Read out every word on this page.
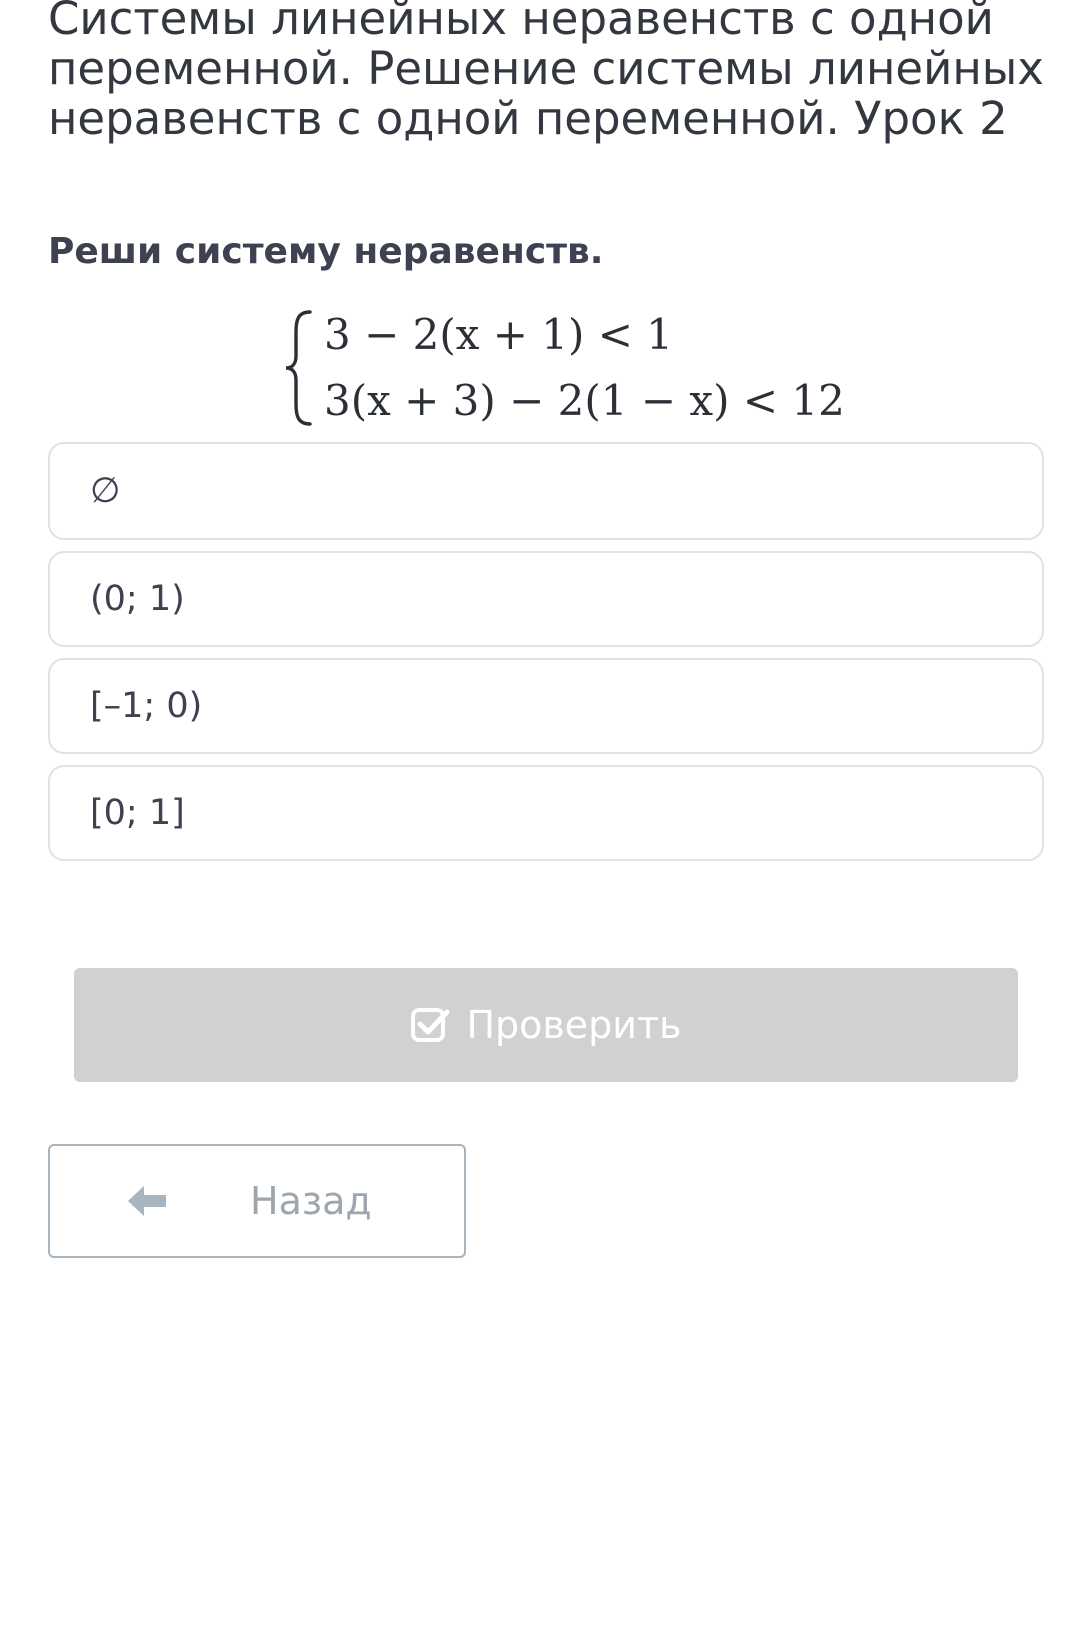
Системы линейных неравенств с одной переменной. Решение системы линейных неравенств с одной переменной. Урок 2
Реши систему неравенств.
3 − 2(x + 1) < 1
3(x + 3) − 2(1 − x) < 12
∅
(0; 1)
[–1; 0)
[0; 1]
Проверить
Назад
